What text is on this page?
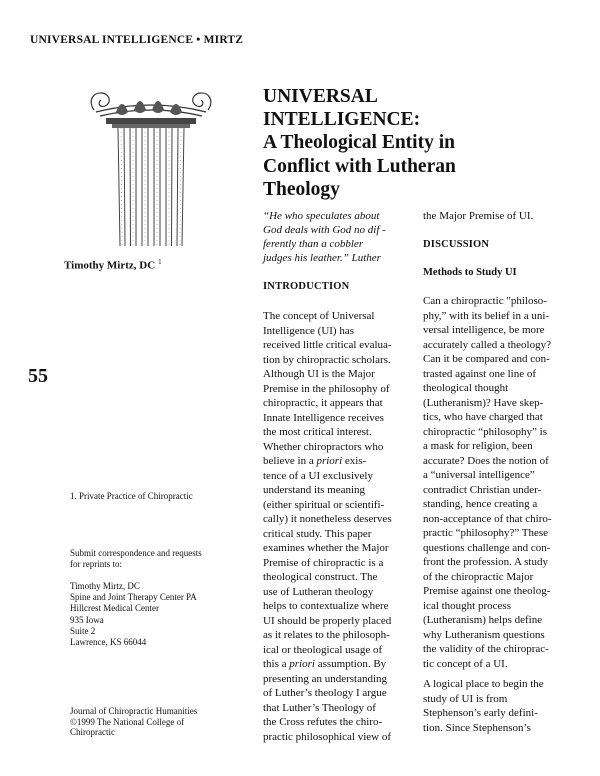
UNIVERSAL INTELLIGENCE • MIRTZ
Timothy Mirtz, DC $^1$
55
1. Private Practice of Chiropractic
Submit correspondence and requests
for reprints to:
Timothy Mirtz, DC
Spine and Joint Therapy Center PA
Hillcrest Medical Center
935 Iowa
Suite 2
Lawrence, KS 66044
Journal of Chiropractic Humanities
©1999 The National College of
Chiropractic
UNIVERSAL
INTELLIGENCE:
A Theological Entity in
Conflict with Lutheran
Theology
“He who speculates about
God deals with God no dif -
ferently than a cobbler
judges his leather.” Luther
INTRODUCTION
The concept of Universal
Intelligence (UI) has
received little critical evalua-
tion by chiropractic scholars.
Although UI is the Major
Premise in the philosophy of
chiropractic, it appears that
Innate Intelligence receives
the most critical interest.
Whether chiropractors who
believe in a priori exis-
tence of a UI exclusively
understand its meaning
(either spiritual or scientifi-
cally) it nonetheless deserves
critical study. This paper
examines whether the Major
Premise of chiropractic is a
theological construct. The
use of Lutheran theology
helps to contextualize where
UI should be properly placed
as it relates to the philosoph-
ical or theological usage of
this a priori assumption. By
presenting an understanding
of Luther’s theology I argue
that Luther’s Theology of
the Cross refutes the chiro-
practic philosophical view of
the Major Premise of UI.
DISCUSSION
Methods to Study UI
Can a chiropractic "philoso-
phy,” with its belief in a uni-
versal intelligence, be more
accurately called a theology?
Can it be compared and con-
trasted against one line of
theological thought
(Lutheranism)? Have skep-
tics, who have charged that
chiropractic “philosophy” is
a mask for religion, been
accurate? Does the notion of
a “universal intelligence”
contradict Christian under-
standing, hence creating a
non-acceptance of that chiro-
practic “philosophy?” These
questions challenge and con-
front the profession. A study
of the chiropractic Major
Premise against one theolog-
ical thought process
(Lutheranism) helps define
why Lutheranism questions
the validity of the chiroprac-
tic concept of a UI.
A logical place to begin the
study of UI is from
Stephenson’s early defini-
tion. Since Stephenson’s
